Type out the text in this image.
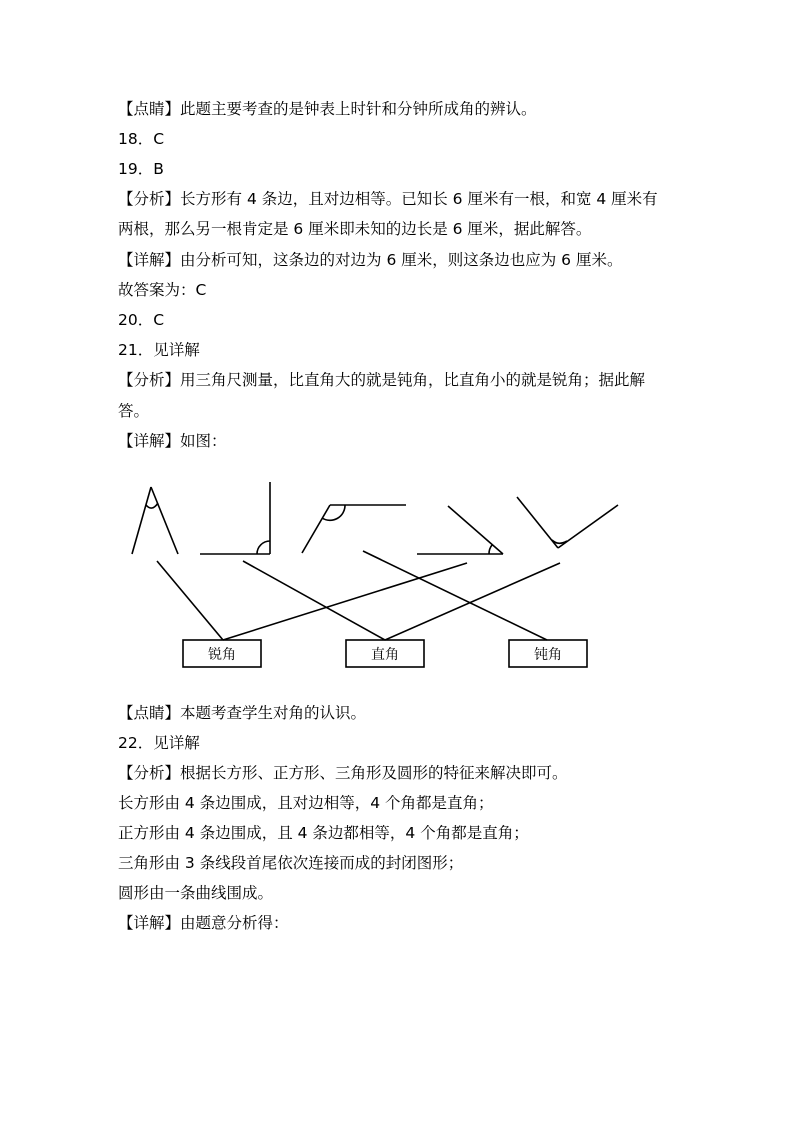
【点睛】此题主要考查的是钟表上时针和分钟所成角的辨认。
18．C
19．B
【分析】长方形有 4 条边，且对边相等。已知长 6 厘米有一根，和宽 4 厘米有
两根，那么另一根肯定是 6 厘米即未知的边长是 6 厘米，据此解答。
【详解】由分析可知，这条边的对边为 6 厘米，则这条边也应为 6 厘米。
故答案为：C
20．C
21．见详解
【分析】用三角尺测量，比直角大的就是钝角，比直角小的就是锐角；据此解
答。
【详解】如图：
锐角	直角	钝角
【点睛】本题考查学生对角的认识。
22．见详解
【分析】根据长方形、正方形、三角形及圆形的特征来解决即可。
长方形由 4 条边围成，且对边相等，4 个角都是直角；
正方形由 4 条边围成，且 4 条边都相等，4 个角都是直角；
三角形由 3 条线段首尾依次连接而成的封闭图形；
圆形由一条曲线围成。
【详解】由题意分析得：
